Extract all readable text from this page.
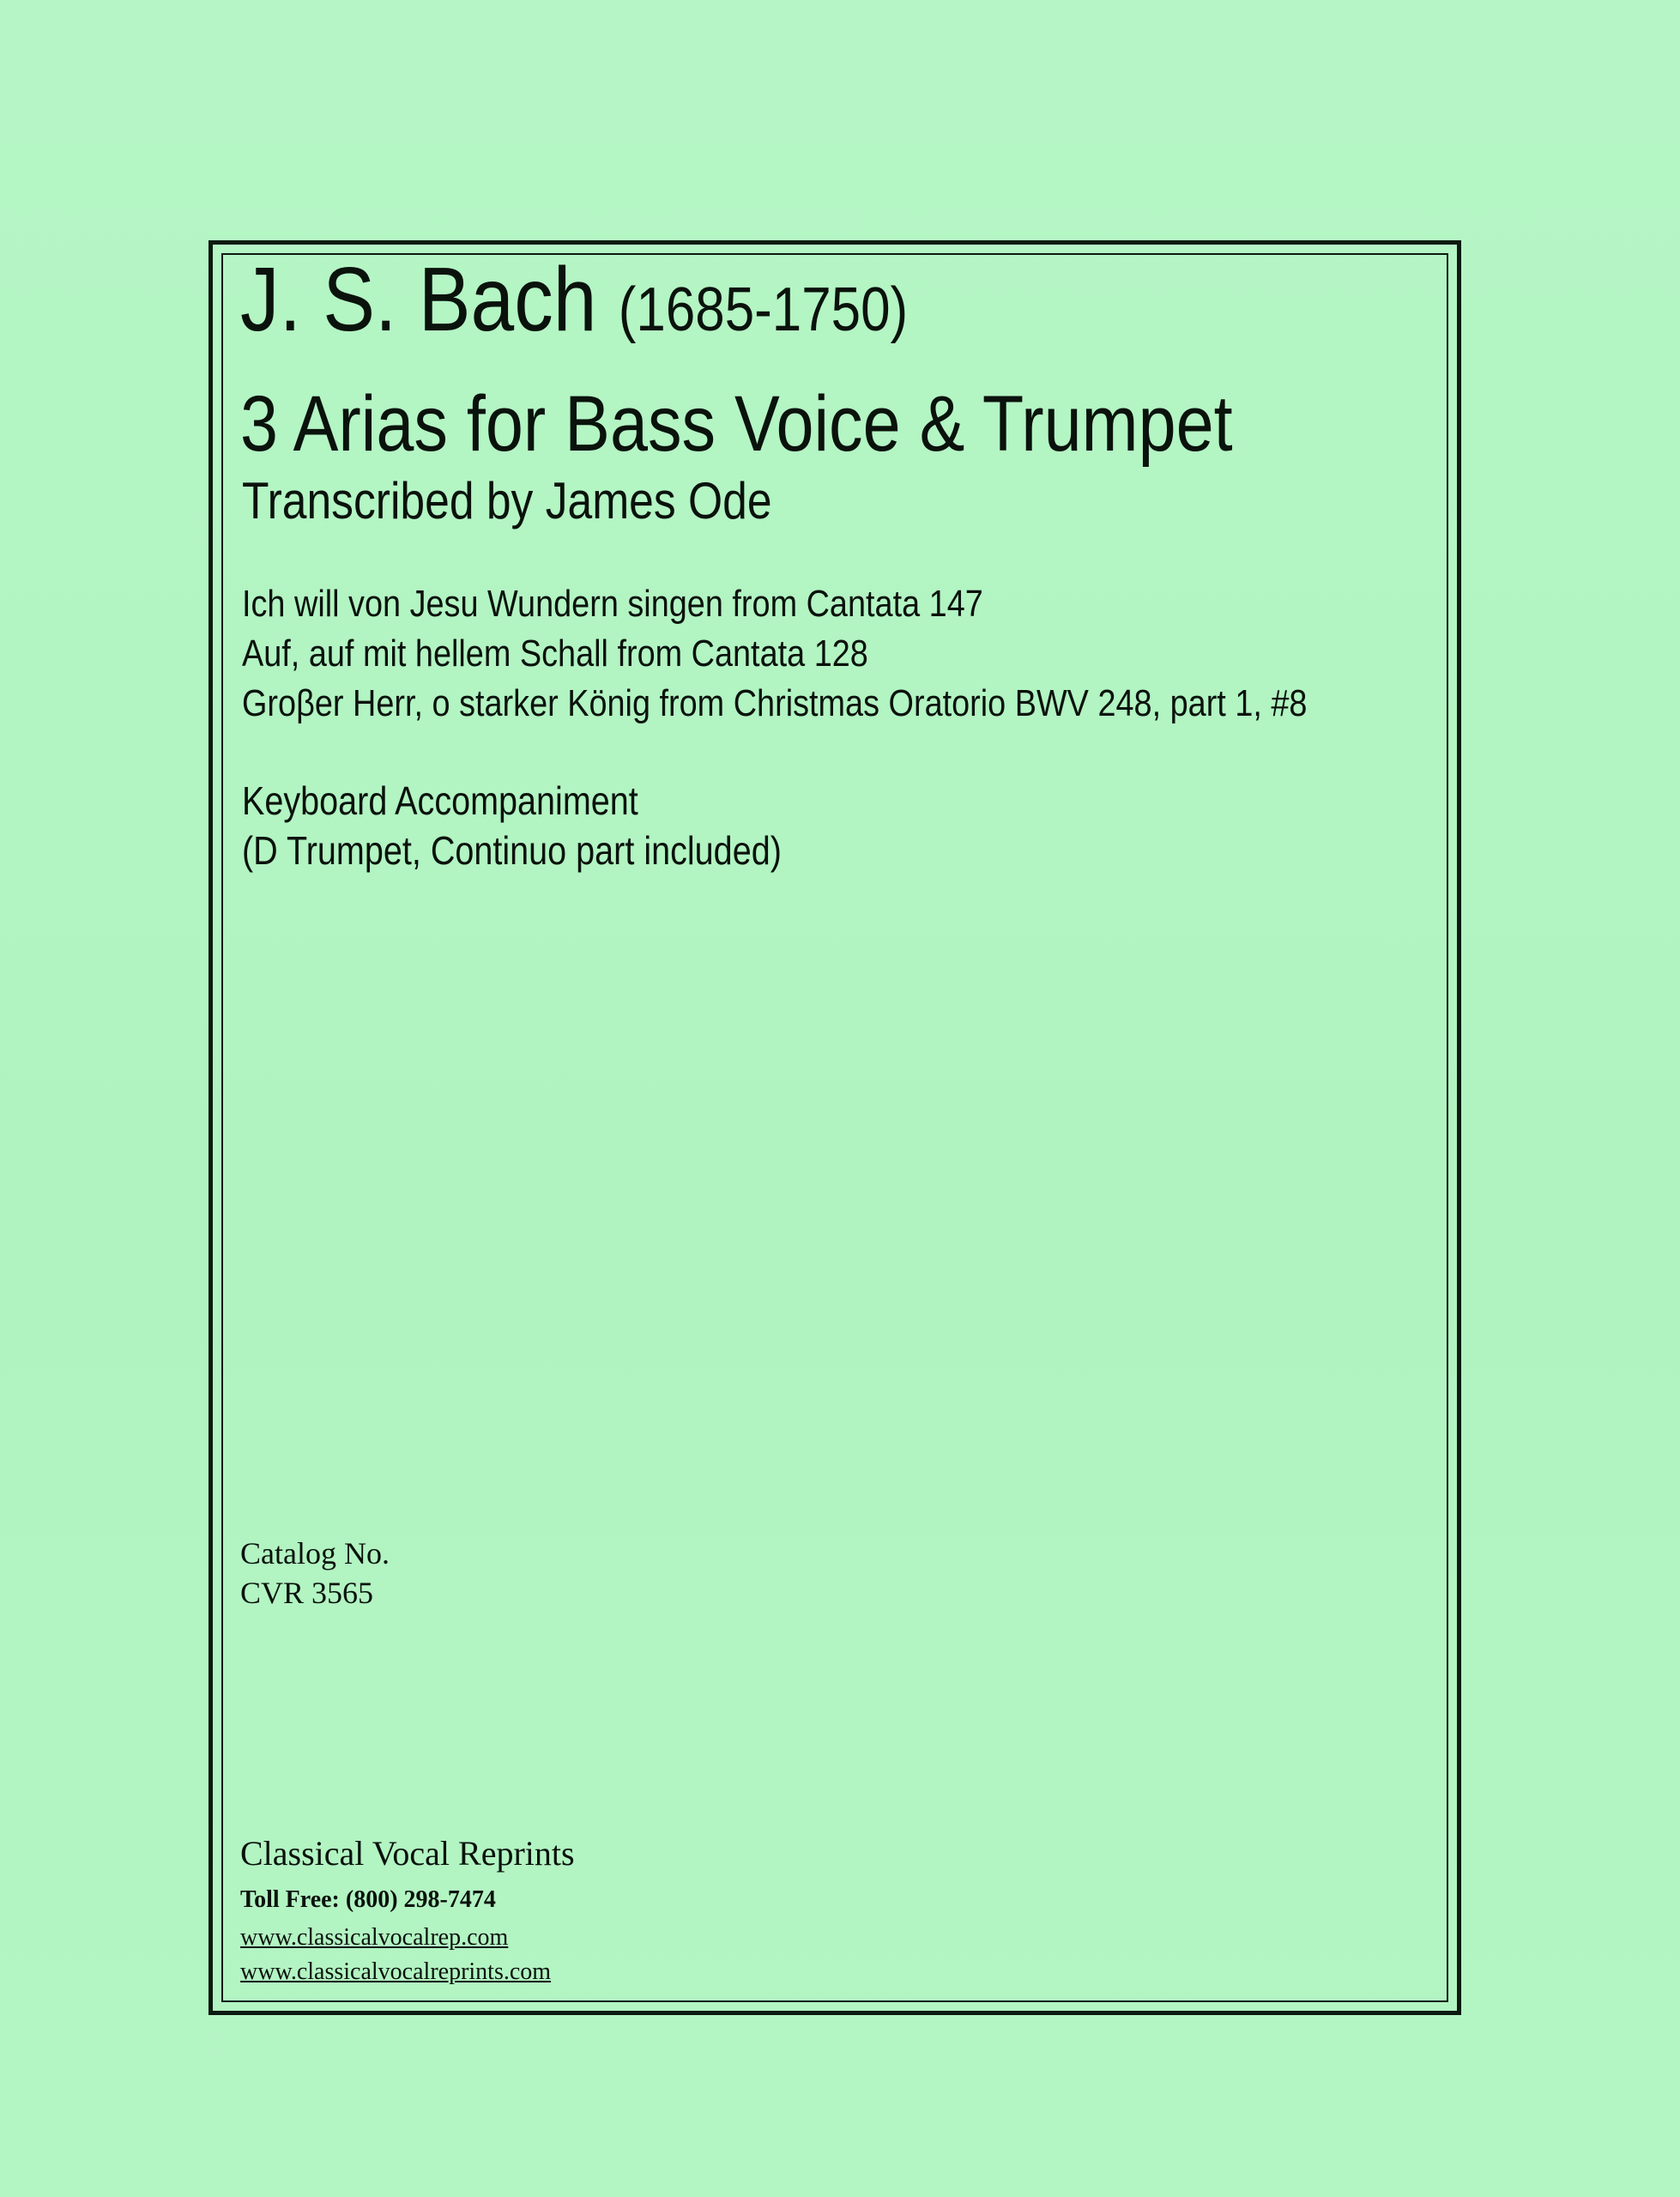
J. S. Bach (1685-1750)
3 Arias for Bass Voice & Trumpet
Transcribed by James Ode
Ich will von Jesu Wundern singen from Cantata 147
Auf, auf mit hellem Schall from Cantata 128
Groβer Herr, o starker König from Christmas Oratorio BWV 248, part 1, #8
Keyboard Accompaniment
(D Trumpet, Continuo part included)
Catalog No.
CVR 3565
Classical Vocal Reprints
Toll Free: (800) 298-7474
www.classicalvocalrep.com
www.classicalvocalreprints.com
